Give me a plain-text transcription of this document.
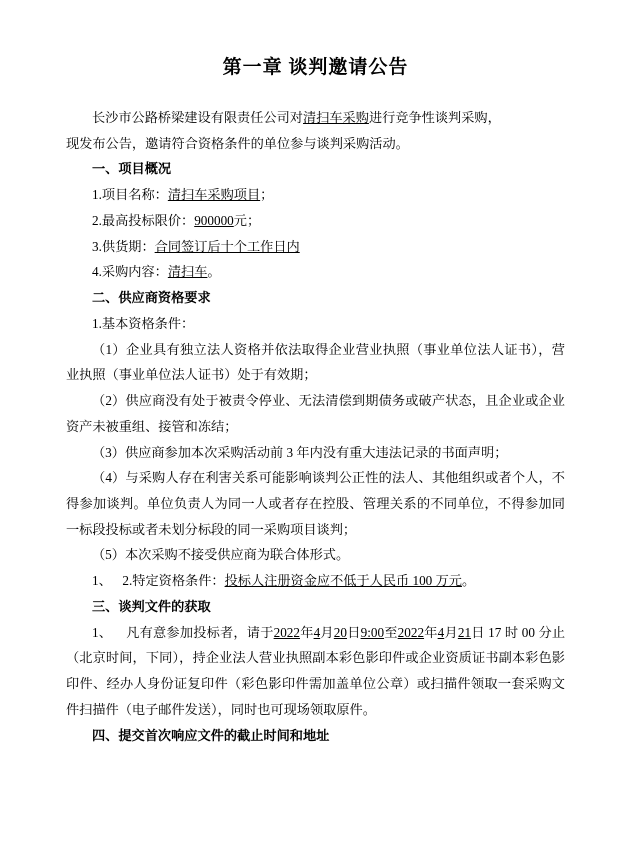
第一章 谈判邀请公告

长沙市公路桥梁建设有限责任公司对清扫车采购进行竞争性谈判采购，

现发布公告，邀请符合资格条件的单位参与谈判采购活动。

一、项目概况

1.项目名称：清扫车采购项目；

2.最高投标限价：900000元；

3.供货期：合同签订后十个工作日内

4.采购内容：清扫车。

二、供应商资格要求

1.基本资格条件：

（1）企业具有独立法人资格并依法取得企业营业执照（事业单位法人证书），营业执照（事业单位法人证书）处于有效期；

（2）供应商没有处于被责令停业、无法清偿到期债务或破产状态，且企业或企业资产未被重组、接管和冻结；

（3）供应商参加本次采购活动前 3 年内没有重大违法记录的书面声明；

（4）与采购人存在利害关系可能影响谈判公正性的法人、其他组织或者个人，不得参加谈判。单位负责人为同一人或者存在控股、管理关系的不同单位，不得参加同一标段投标或者未划分标段的同一采购项目谈判；

（5）本次采购不接受供应商为联合体形式。

1、 2.特定资格条件：投标人注册资金应不低于人民币 100 万元。

三、谈判文件的获取

1、 凡有意参加投标者，请于2022年4月20日9:00至2022年4月21日 17 时 00 分止（北京时间，下同），持企业法人营业执照副本彩色影印件或企业资质证书副本彩色影印件、经办人身份证复印件（彩色影印件需加盖单位公章）或扫描件领取一套采购文件扫描件（电子邮件发送），同时也可现场领取原件。

四、提交首次响应文件的截止时间和地址
